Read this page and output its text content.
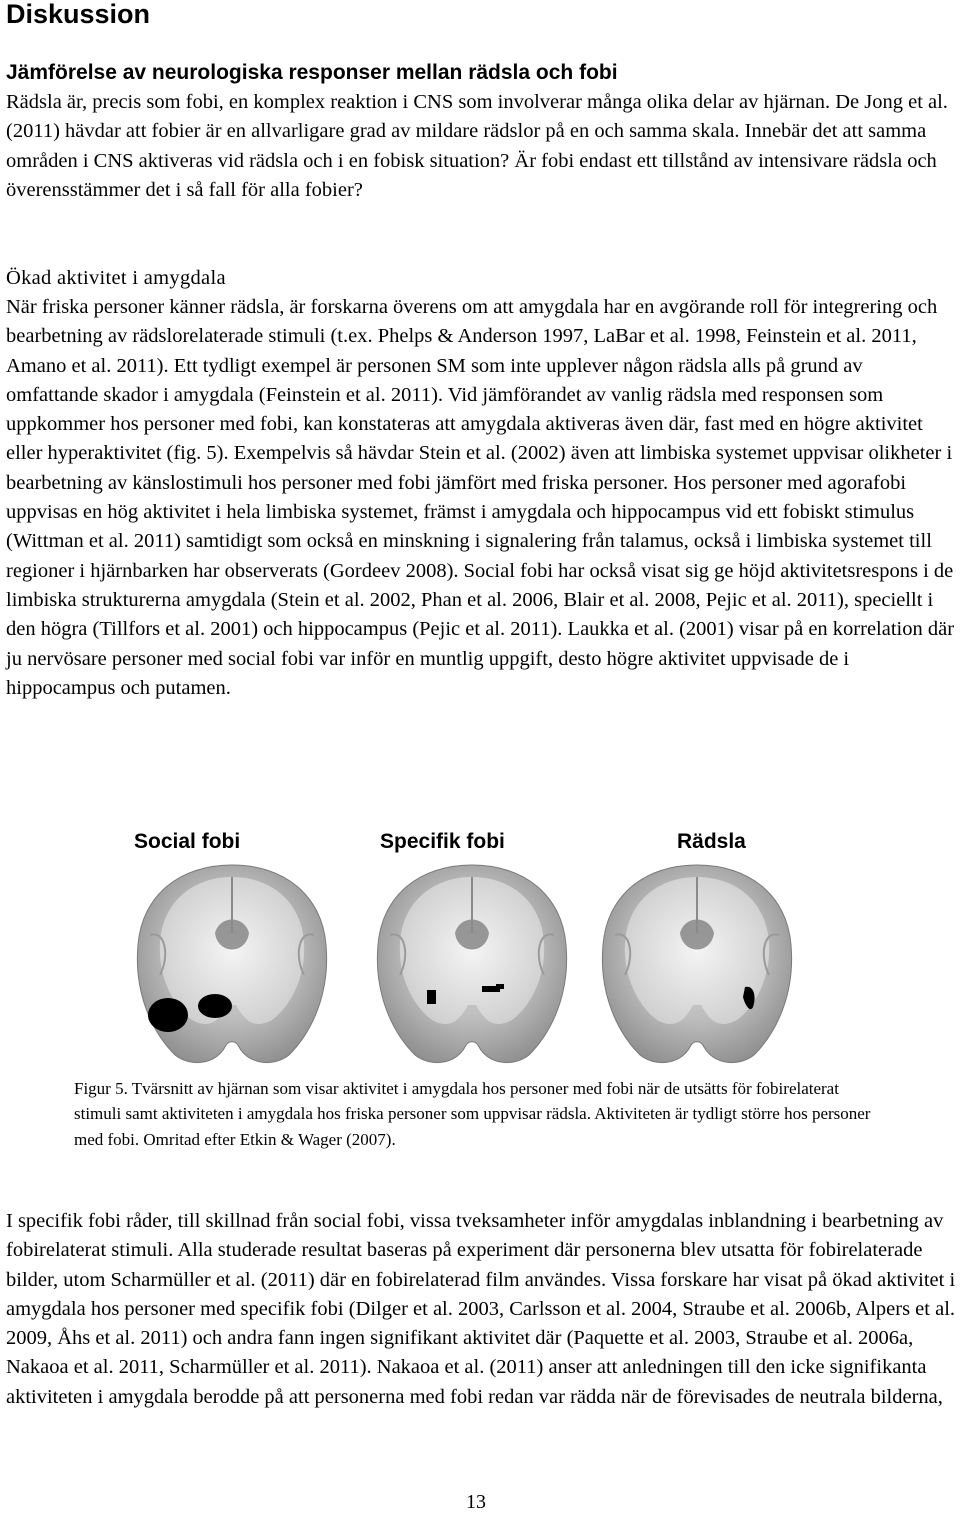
Diskussion
Jämförelse av neurologiska responser mellan rädsla och fobi

Rädsla är, precis som fobi, en komplex reaktion i CNS som involverar många olika delar av hjärnan. De Jong et al. (2011) hävdar att fobier är en allvarligare grad av mildare rädslor på en och samma skala. Innebär det att samma områden i CNS aktiveras vid rädsla och i en fobisk situation? Är fobi endast ett tillstånd av intensivare rädsla och överensstämmer det i så fall för alla fobier?

Ökad aktivitet i amygdala

När friska personer känner rädsla, är forskarna överens om att amygdala har en avgörande roll för integrering och bearbetning av rädslorelaterade stimuli (t.ex. Phelps & Anderson 1997, LaBar et al. 1998, Feinstein et al. 2011, Amano et al. 2011). Ett tydligt exempel är personen SM som inte upplever någon rädsla alls på grund av omfattande skador i amygdala (Feinstein et al. 2011). Vid jämförandet av vanlig rädsla med responsen som uppkommer hos personer med fobi, kan konstateras att amygdala aktiveras även där, fast med en högre aktivitet eller hyperaktivitet (fig. 5). Exempelvis så hävdar Stein et al. (2002) även att limbiska systemet uppvisar olikheter i bearbetning av känslostimuli hos personer med fobi jämfört med friska personer. Hos personer med agorafobi uppvisas en hög aktivitet i hela limbiska systemet, främst i amygdala och hippocampus vid ett fobiskt stimulus (Wittman et al. 2011) samtidigt som också en minskning i signalering från talamus, också i limbiska systemet till regioner i hjärnbarken har observerats (Gordeev 2008). Social fobi har också visat sig ge höjd aktivitetsrespons i de limbiska strukturerna amygdala (Stein et al. 2002, Phan et al. 2006, Blair et al. 2008, Pejic et al. 2011), speciellt i den högra (Tillfors et al. 2001) och hippocampus (Pejic et al. 2011). Laukka et al. (2001) visar på en korrelation där ju nervösare personer med social fobi var inför en muntlig uppgift, desto högre aktivitet uppvisade de i hippocampus och putamen.

Social fobi	Specifik fobi	Rädsla

Figur 5. Tvärsnitt av hjärnan som visar aktivitet i amygdala hos personer med fobi när de utsätts för fobirelaterat stimuli samt aktiviteten i amygdala hos friska personer som uppvisar rädsla. Aktiviteten är tydligt större hos personer med fobi. Omritad efter Etkin & Wager (2007).

I specifik fobi råder, till skillnad från social fobi, vissa tveksamheter inför amygdalas inblandning i bearbetning av fobirelaterat stimuli. Alla studerade resultat baseras på experiment där personerna blev utsatta för fobirelaterade bilder, utom Scharmüller et al. (2011) där en fobirelaterad film användes. Vissa forskare har visat på ökad aktivitet i amygdala hos personer med specifik fobi (Dilger et al. 2003, Carlsson et al. 2004, Straube et al. 2006b, Alpers et al. 2009, Åhs et al. 2011) och andra fann ingen signifikant aktivitet där (Paquette et al. 2003, Straube et al. 2006a, Nakaoa et al. 2011, Scharmüller et al. 2011). Nakaoa et al. (2011) anser att anledningen till den icke signifikanta aktiviteten i amygdala berodde på att personerna med fobi redan var rädda när de förevisades de neutrala bilderna,

13
